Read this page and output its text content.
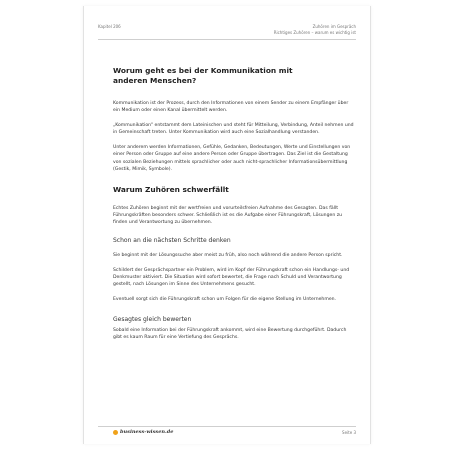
Kapitel 206	Zuhören im Gespräch
Richtiges Zuhören – warum es wichtig ist
Worum geht es bei der Kommunikation mit anderen Menschen?

Kommunikation ist der Prozess, durch den Informationen von einem Sender zu einem Empfänger über ein Medium oder einen Kanal übermittelt werden.

„Kommunikation“ entstammt dem Lateinischen und steht für Mitteilung, Verbindung, Anteil nehmen und in Gemeinschaft treten. Unter Kommunikation wird auch eine Sozialhandlung verstanden.

Unter anderem werden Informationen, Gefühle, Gedanken, Bedeutungen, Werte und Einstellungen von einer Person oder Gruppe auf eine andere Person oder Gruppe übertragen. Das Ziel ist die Gestaltung von sozialen Beziehungen mittels sprachlicher oder auch nicht-sprachlicher Informationsübermittlung (Gestik, Mimik, Symbole).

Warum Zuhören schwerfällt

Echtes Zuhören beginnt mit der wertfreien und vorurteilsfreien Aufnahme des Gesagten. Das fällt Führungskräften besonders schwer. Schließlich ist es die Aufgabe einer Führungskraft, Lösungen zu finden und Verantwortung zu übernehmen.

Schon an die nächsten Schritte denken

Sie beginnt mit der Lösungssuche aber meist zu früh, also noch während die andere Person spricht.

Schildert der Gesprächspartner ein Problem, wird im Kopf der Führungskraft schon ein Handlungs- und Denkmuster aktiviert. Die Situation wird sofort bewertet, die Frage nach Schuld und Verantwortung gestellt, nach Lösungen im Sinne des Unternehmens gesucht.

Eventuell sorgt sich die Führungskraft schon um Folgen für die eigene Stellung im Unternehmen.

Gesagtes gleich bewerten

Sobald eine Information bei der Führungskraft ankommt, wird eine Bewertung durchgeführt. Dadurch gibt es kaum Raum für eine Vertiefung des Gesprächs.

business-wissen.de	Seite 3
